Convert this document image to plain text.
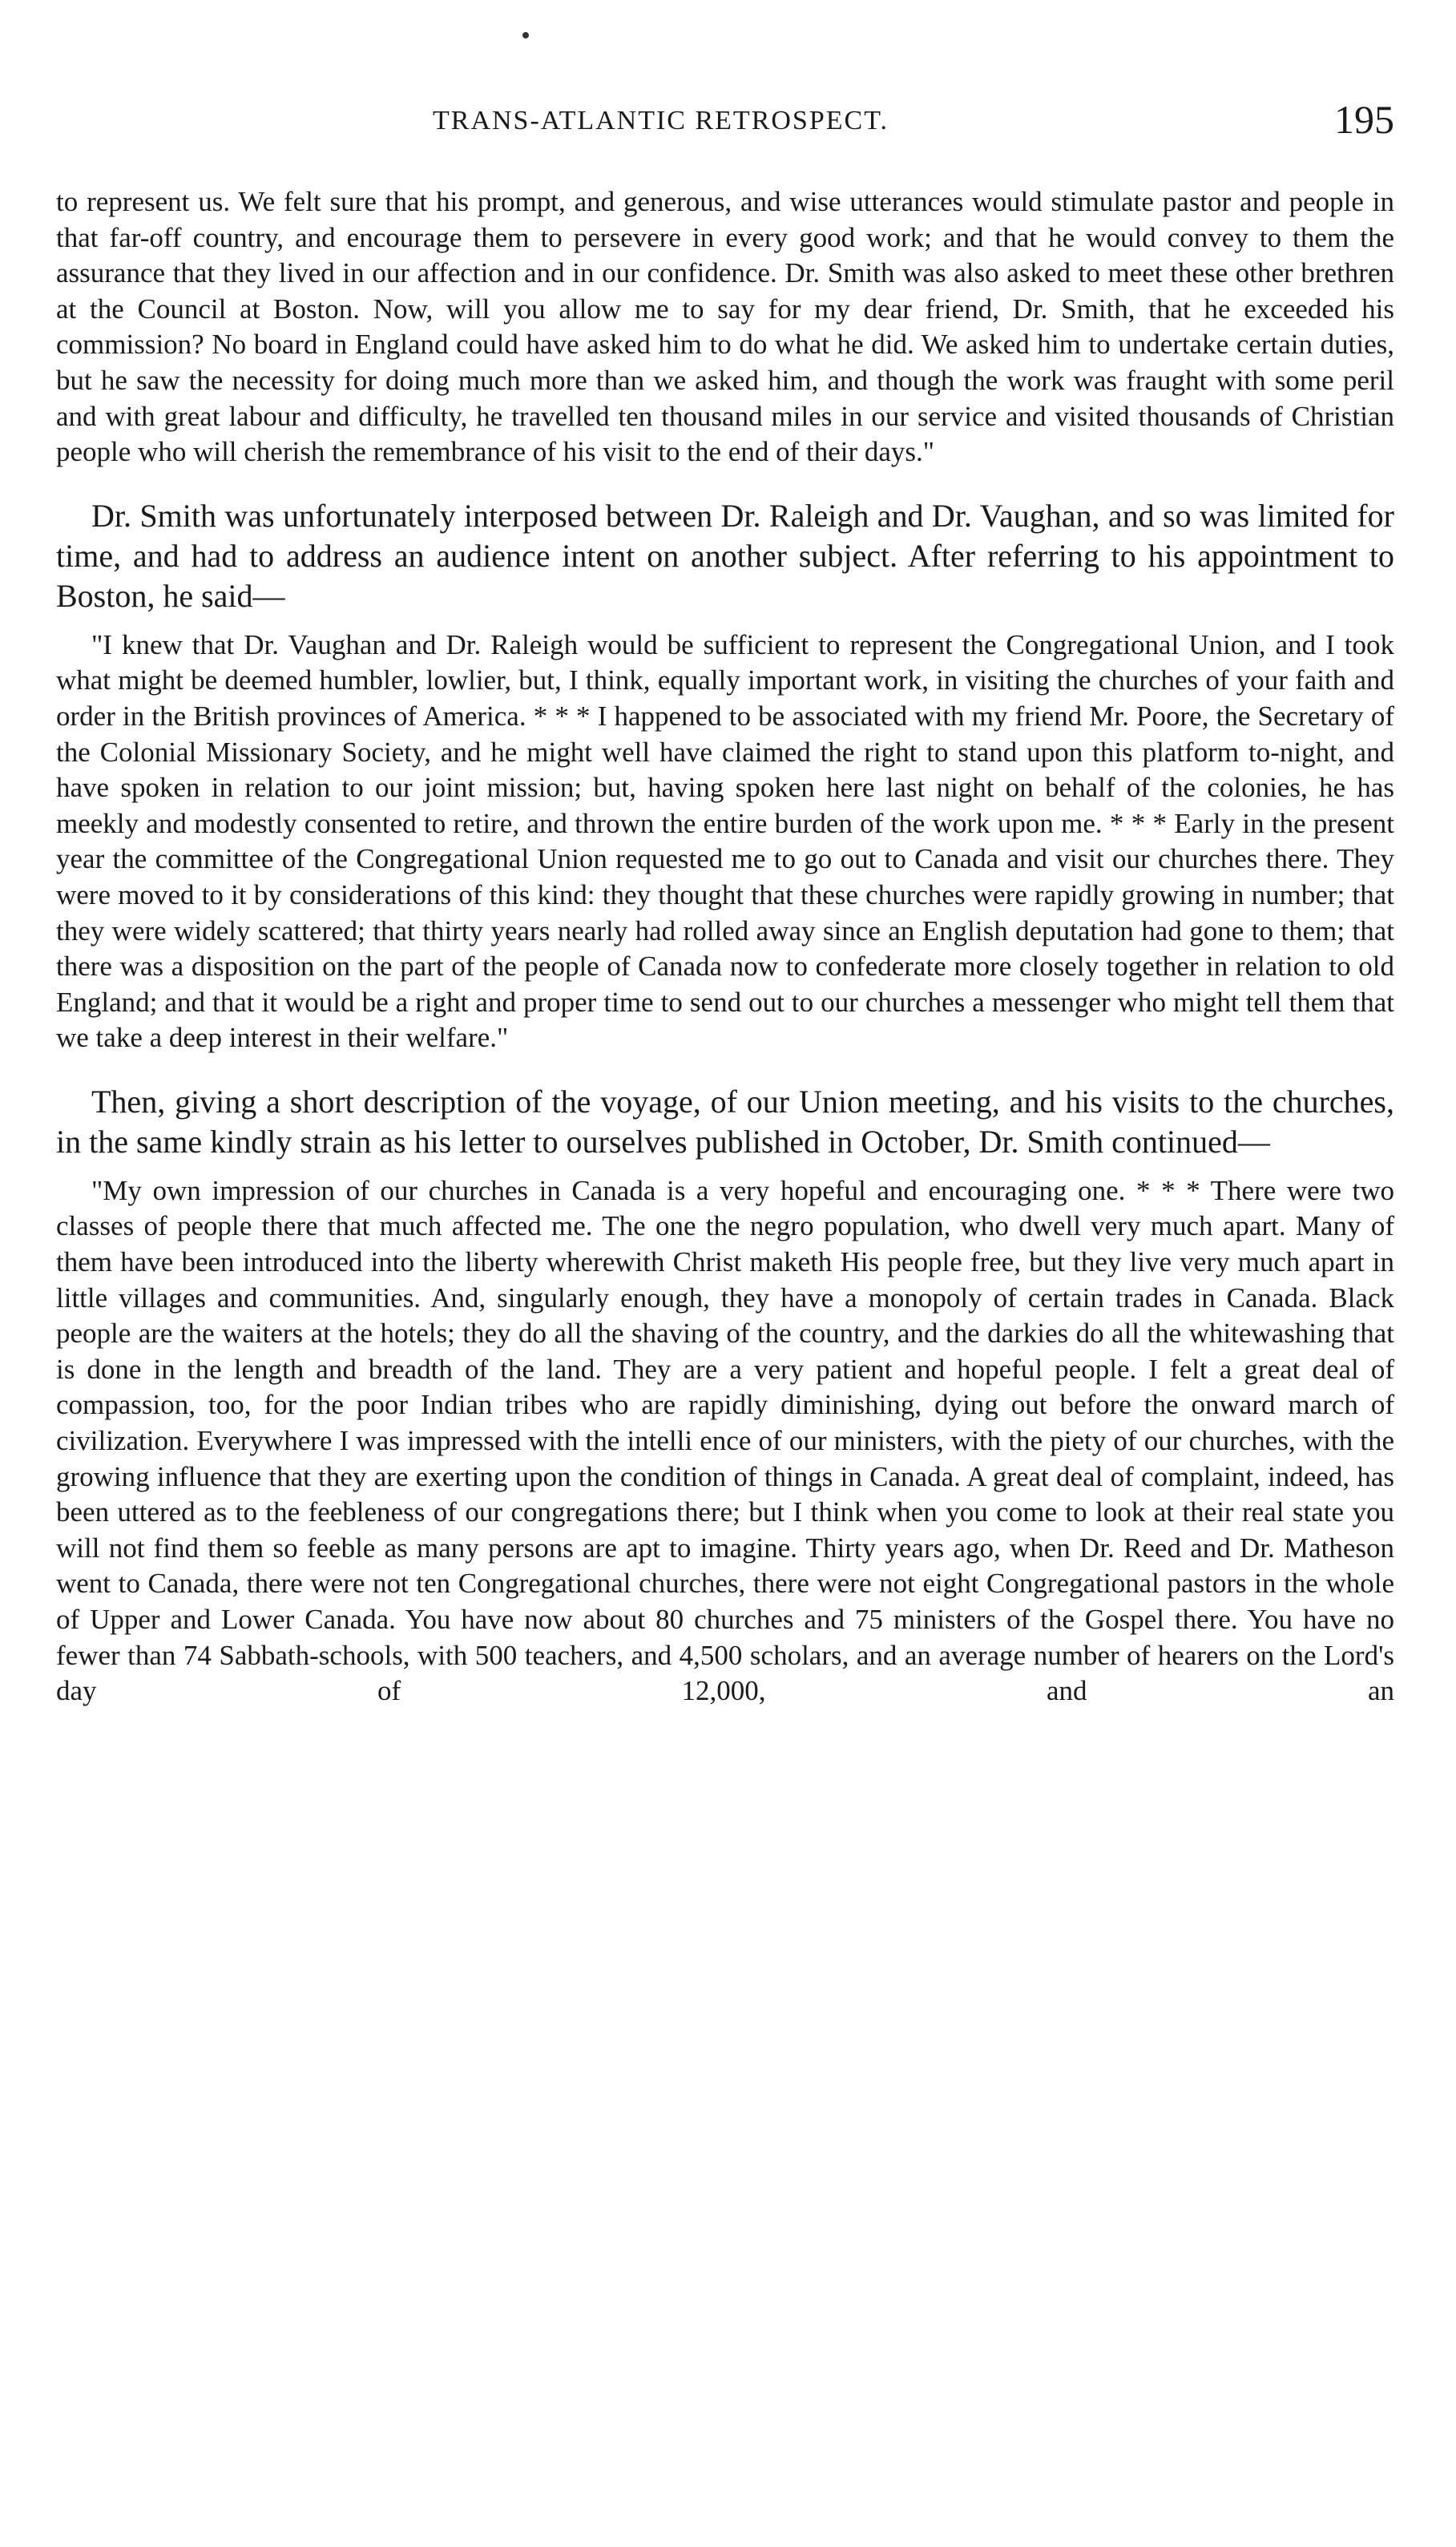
TRANS-ATLANTIC RETROSPECT.	195

to represent us. We felt sure that his prompt, and generous, and wise utterances would stimulate pastor and people in that far-off country, and encourage them to persevere in every good work; and that he would convey to them the assurance that they lived in our affection and in our confidence. Dr. Smith was also asked to meet these other brethren at the Council at Boston. Now, will you allow me to say for my dear friend, Dr. Smith, that he exceeded his commission? No board in England could have asked him to do what he did. We asked him to undertake certain duties, but he saw the necessity for doing much more than we asked him, and though the work was fraught with some peril and with great labour and difficulty, he travelled ten thousand miles in our service and visited thousands of Christian people who will cherish the remembrance of his visit to the end of their days."

Dr. Smith was unfortunately interposed between Dr. Raleigh and Dr. Vaughan, and so was limited for time, and had to address an audience intent on another subject. After referring to his appointment to Boston, he said—

"I knew that Dr. Vaughan and Dr. Raleigh would be sufficient to represent the Congregational Union, and I took what might be deemed humbler, lowlier, but, I think, equally important work, in visiting the churches of your faith and order in the British provinces of America. * * * I happened to be associated with my friend Mr. Poore, the Secretary of the Colonial Missionary Society, and he might well have claimed the right to stand upon this platform to-night, and have spoken in relation to our joint mission; but, having spoken here last night on behalf of the colonies, he has meekly and modestly consented to retire, and thrown the entire burden of the work upon me. * * * Early in the present year the committee of the Congregational Union requested me to go out to Canada and visit our churches there. They were moved to it by considerations of this kind: they thought that these churches were rapidly growing in number; that they were widely scattered; that thirty years nearly had rolled away since an English deputation had gone to them; that there was a disposition on the part of the people of Canada now to confederate more closely together in relation to old England; and that it would be a right and proper time to send out to our churches a messenger who might tell them that we take a deep interest in their welfare."

Then, giving a short description of the voyage, of our Union meeting, and his visits to the churches, in the same kindly strain as his letter to ourselves published in October, Dr. Smith continued—

"My own impression of our churches in Canada is a very hopeful and encouraging one. * * * There were two classes of people there that much affected me. The one the negro population, who dwell very much apart. Many of them have been introduced into the liberty wherewith Christ maketh His people free, but they live very much apart in little villages and communities. And, singularly enough, they have a monopoly of certain trades in Canada. Black people are the waiters at the hotels; they do all the shaving of the country, and the darkies do all the whitewashing that is done in the length and breadth of the land. They are a very patient and hopeful people. I felt a great deal of compassion, too, for the poor Indian tribes who are rapidly diminishing, dying out before the onward march of civilization. Everywhere I was impressed with the intelli ence of our ministers, with the piety of our churches, with the growing influence that they are exerting upon the condition of things in Canada. A great deal of complaint, indeed, has been uttered as to the feebleness of our congregations there; but I think when you come to look at their real state you will not find them so feeble as many persons are apt to imagine. Thirty years ago, when Dr. Reed and Dr. Matheson went to Canada, there were not ten Congregational churches, there were not eight Congregational pastors in the whole of Upper and Lower Canada. You have now about 80 churches and 75 ministers of the Gospel there. You have no fewer than 74 Sabbath-schools, with 500 teachers, and 4,500 scholars, and an average number of hearers on the Lord's day of 12,000, and an
